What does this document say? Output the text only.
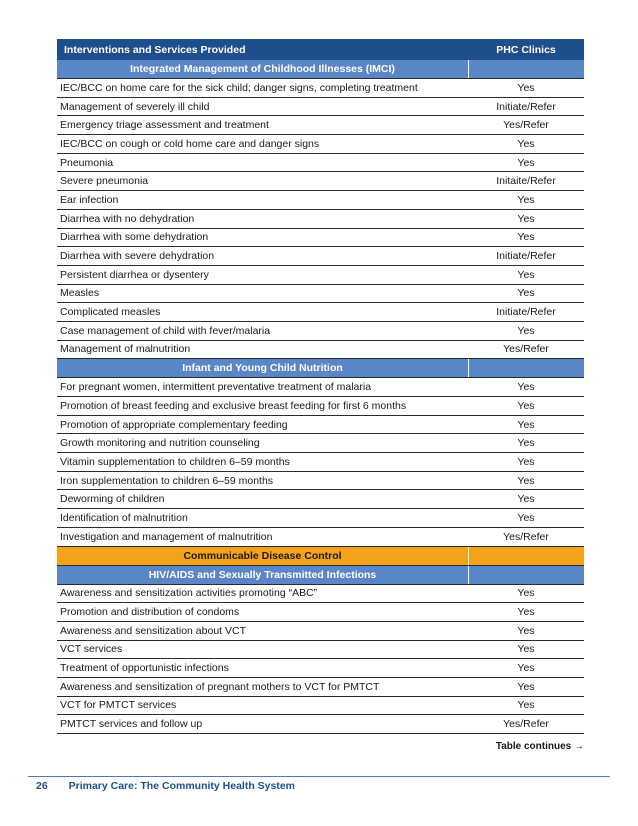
Interventions and Services Provided	PHC Clinics
Integrated Management of Childhood Illnesses (IMCI)
IEC/BCC on home care for the sick child; danger signs, completing treatment	Yes
Management of severely ill child	Initiate/Refer
Emergency triage assessment and treatment	Yes/Refer
IEC/BCC on cough or cold home care and danger signs	Yes
Pneumonia	Yes
Severe pneumonia	Initaite/Refer
Ear infection	Yes
Diarrhea with no dehydration	Yes
Diarrhea with some dehydration	Yes
Diarrhea with severe dehydration	Initiate/Refer
Persistent diarrhea or dysentery	Yes
Measles	Yes
Complicated measles	Initiate/Refer
Case management of child with fever/malaria	Yes
Management of malnutrition	Yes/Refer
Infant and Young Child Nutrition
For pregnant women, intermittent preventative treatment of malaria	Yes
Promotion of breast feeding and exclusive breast feeding for first 6 months	Yes
Promotion of appropriate complementary feeding	Yes
Growth monitoring and nutrition counseling	Yes
Vitamin supplementation to children 6–59 months	Yes
Iron supplementation to children 6–59 months	Yes
Deworming of children	Yes
Identification of malnutrition	Yes
Investigation and management of malnutrition	Yes/Refer
Communicable Disease Control
HIV/AIDS and Sexually Transmitted Infections
Awareness and sensitization activities promoting “ABC”	Yes
Promotion and distribution of condoms	Yes
Awareness and sensitization about VCT	Yes
VCT services	Yes
Treatment of opportunistic infections	Yes
Awareness and sensitization of pregnant mothers to VCT for PMTCT	Yes
VCT for PMTCT services	Yes
PMTCT services and follow up	Yes/Refer
Table continues →
26 Primary Care: The Community Health System
